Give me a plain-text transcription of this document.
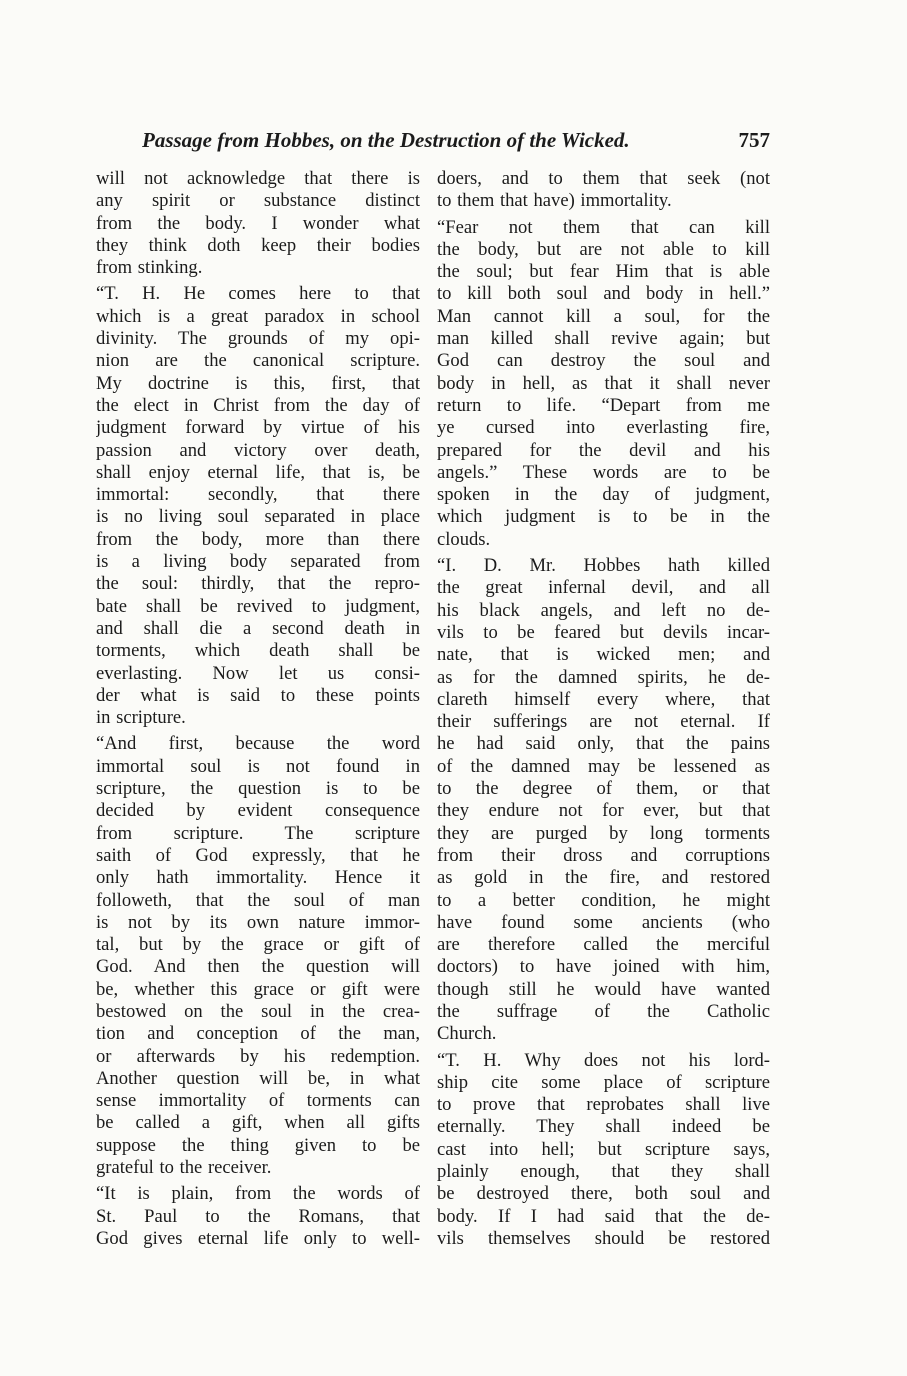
Passage from Hobbes, on the Destruction of the Wicked.	757
will not acknowledge that there is
any spirit or substance distinct
from the body. I wonder what
they think doth keep their bodies
from stinking.
“T. H. He comes here to that
which is a great paradox in school
divinity. The grounds of my opi-
nion are the canonical scripture.
My doctrine is this, first, that
the elect in Christ from the day of
judgment forward by virtue of his
passion and victory over death,
shall enjoy eternal life, that is, be
immortal: secondly, that there
is no living soul separated in place
from the body, more than there
is a living body separated from
the soul: thirdly, that the repro-
bate shall be revived to judgment,
and shall die a second death in
torments, which death shall be
everlasting. Now let us consi-
der what is said to these points
in scripture.
“And first, because the word
immortal soul is not found in
scripture, the question is to be
decided by evident consequence
from scripture. The scripture
saith of God expressly, that he
only hath immortality. Hence it
followeth, that the soul of man
is not by its own nature immor-
tal, but by the grace or gift of
God. And then the question will
be, whether this grace or gift were
bestowed on the soul in the crea-
tion and conception of the man,
or afterwards by his redemption.
Another question will be, in what
sense immortality of torments can
be called a gift, when all gifts
suppose the thing given to be
grateful to the receiver.
“It is plain, from the words of
St. Paul to the Romans, that
God gives eternal life only to well-
doers, and to them that seek (not
to them that have) immortality.
“Fear not them that can kill
the body, but are not able to kill
the soul; but fear Him that is able
to kill both soul and body in hell.”
Man cannot kill a soul, for the
man killed shall revive again; but
God can destroy the soul and
body in hell, as that it shall never
return to life. “Depart from me
ye cursed into everlasting fire,
prepared for the devil and his
angels.” These words are to be
spoken in the day of judgment,
which judgment is to be in the
clouds.
“I. D. Mr. Hobbes hath killed
the great infernal devil, and all
his black angels, and left no de-
vils to be feared but devils incar-
nate, that is wicked men; and
as for the damned spirits, he de-
clareth himself every where, that
their sufferings are not eternal. If
he had said only, that the pains
of the damned may be lessened as
to the degree of them, or that
they endure not for ever, but that
they are purged by long torments
from their dross and corruptions
as gold in the fire, and restored
to a better condition, he might
have found some ancients (who
are therefore called the merciful
doctors) to have joined with him,
though still he would have wanted
the suffrage of the Catholic
Church.
“T. H. Why does not his lord-
ship cite some place of scripture
to prove that reprobates shall live
eternally. They shall indeed be
cast into hell; but scripture says,
plainly enough, that they shall
be destroyed there, both soul and
body. If I had said that the de-
vils themselves should be restored
